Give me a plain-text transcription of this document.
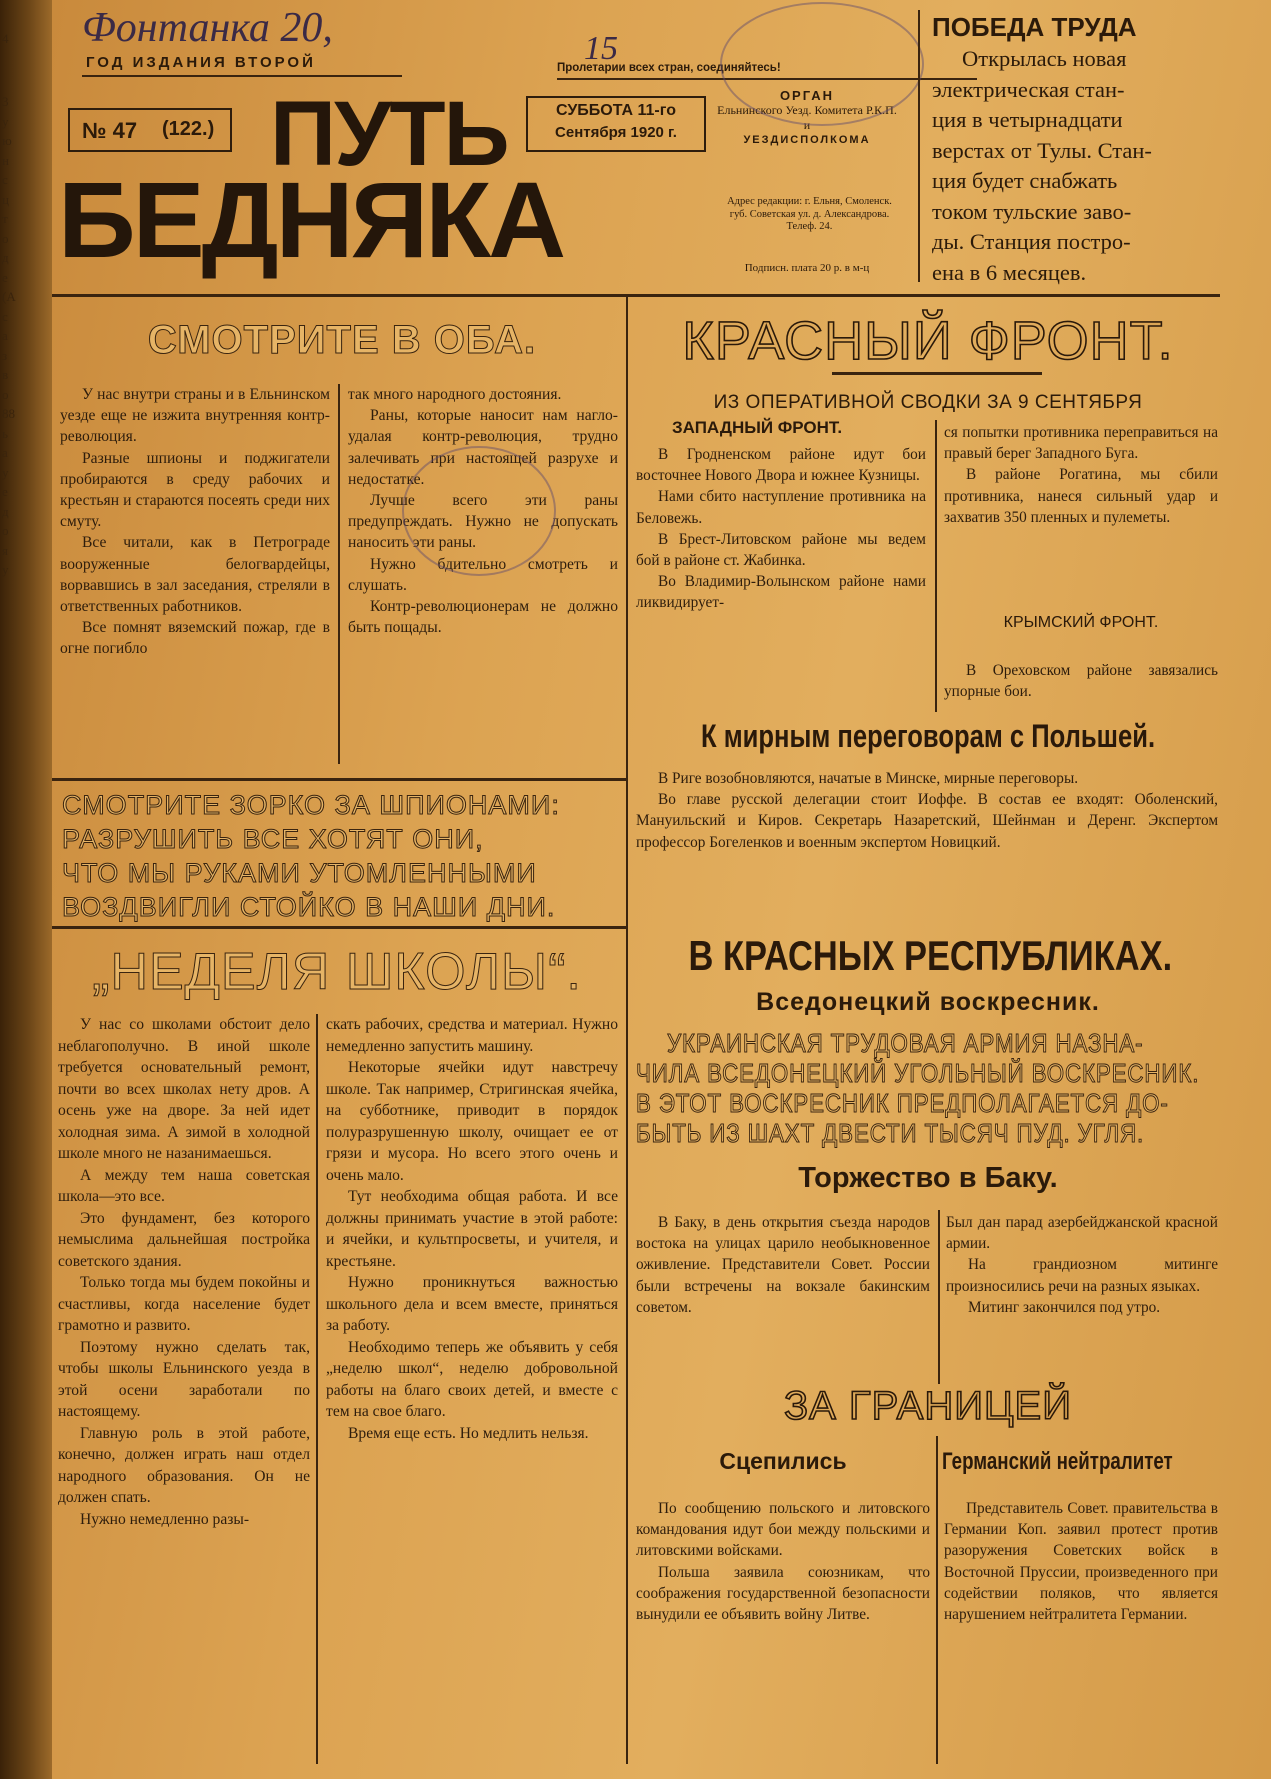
4
3
у
ю
н
с
ц
т
о
д
е
(А
с
а
з
в
о
88
ь
а
у
е
д
о
я
у
Фонтанка 20,
ГОД ИЗДАНИЯ ВТОРОЙ	15
Пролетарии всех стран, соединяйтесь!
№ 47 (122.) ПУТЬ
БЕДНЯКА
СУББОТА 11-го
Сентября 1920 г.
ОРГАН
Ельнинского Уезд. Комитета Р.К.П.
и
УЕЗДИСПОЛКОМА
Адрес редакции: г. Ельня, Смоленск. губ. Советская ул. д. Александрова. Телеф. 24.
Подписн. плата 20 р. в м-ц
ПОБЕДА ТРУДА
Открылась новая
электрическая стан-
ция в четырнадцати
верстах от Тулы. Стан-
ция будет снабжать
током тульские заво-
ды. Станция постро-
ена в 6 месяцев.
СМОТРИТЕ В ОБА.

У нас внутри страны и в Ельнинском уезде еще не изжита внутренняя контр-революция.

Разные шпионы и поджигатели пробираются в среду рабочих и крестьян и стараются посеять среди них смуту.

Все читали, как в Петрограде вооруженные белогвардейцы, ворвавшись в зал заседания, стреляли в ответственных работников.

Все помнят вяземский пожар, где в огне погибло

так много народного достояния.

Раны, которые наносит нам нагло-удалая контр-революция, трудно залечивать при настоящей разрухе и недостатке.

Лучше всего эти раны предупреждать. Нужно не допускать наносить эти раны.

Нужно бдительно смотреть и слушать.

Контр-революционерам не должно быть пощады.

СМОТРИТЕ ЗОРКО ЗА ШПИОНАМИ:
РАЗРУШИТЬ ВСЕ ХОТЯТ ОНИ,
ЧТО МЫ РУКАМИ УТОМЛЕННЫМИ
ВОЗДВИГЛИ СТОЙКО В НАШИ ДНИ.
„НЕДЕЛЯ ШКОЛЫ“.

У нас со школами обстоит дело неблагополучно. В иной школе требуется основательный ремонт, почти во всех школах нету дров. А осень уже на дворе. За ней идет холодная зима. А зимой в холодной школе много не назанимаешься.

А между тем наша советская школа—это все.

Это фундамент, без которого немыслима дальнейшая постройка советского здания.

Только тогда мы будем покойны и счастливы, когда население будет грамотно и развито.

Поэтому нужно сделать так, чтобы школы Ельнинского уезда в этой осени заработали по настоящему.

Главную роль в этой работе, конечно, должен играть наш отдел народного образования. Он не должен спать.

Нужно немедленно разы-

скать рабочих, средства и материал. Нужно немедленно запустить машину.

Некоторые ячейки идут навстречу школе. Так например, Стригинская ячейка, на субботнике, приводит в порядок полуразрушенную школу, очищает ее от грязи и мусора. Но всего этого очень и очень мало.

Тут необходима общая работа. И все должны принимать участие в этой работе: и ячейки, и культпросветы, и учителя, и крестьяне.

Нужно проникнуться важностью школьного дела и всем вместе, приняться за работу.

Необходимо теперь же объявить у себя „неделю школ“, неделю добровольной работы на благо своих детей, и вместе с тем на свое благо.

Время еще есть. Но медлить нельзя.

КРАСНЫЙ ФРОНТ.
ИЗ ОПЕРАТИВНОЙ СВОДКИ ЗА 9 СЕНТЯБРЯ
ЗАПАДНЫЙ ФРОНТ.

В Гродненском районе идут бои восточнее Нового Двора и южнее Кузницы.

Нами сбито наступление противника на Беловежь.

В Брест-Литовском районе мы ведем бой в районе ст. Жабинка.

Во Владимир-Волынском районе нами ликвидирует-

ся попытки противника переправиться на правый берег Западного Буга.

В районе Рогатина, мы сбили противника, нанеся сильный удар и захватив 350 пленных и пулеметы.

КРЫМСКИЙ ФРОНТ.

В Ореховском районе завязались упорные бои.

К мирным переговорам с Польшей.

В Риге возобновляются, начатые в Минске, мирные переговоры.

Во главе русской делегации стоит Иоффе. В состав ее входят: Оболенский, Мануильский и Киров. Секретарь Назаретский, Шейнман и Деренг. Экспертом профессор Богеленков и военным экспертом Новицкий.

В КРАСНЫХ РЕСПУБЛИКАХ.
Вседонецкий воскресник.
УКРАИНСКАЯ ТРУДОВАЯ АРМИЯ НАЗНА-
ЧИЛА ВСЕДОНЕЦКИЙ УГОЛЬНЫЙ ВОСКРЕСНИК.
В ЭТОТ ВОСКРЕСНИК ПРЕДПОЛАГАЕТСЯ ДО-
БЫТЬ ИЗ ШАХТ ДВЕСТИ ТЫСЯЧ ПУД. УГЛЯ.
Торжество в Баку.

В Баку, в день открытия съезда народов востока на улицах царило необыкновенное оживление. Представители Совет. России были встречены на вокзале бакинским советом.

Был дан парад азербейджанской красной армии.

На грандиозном митинге произносились речи на разных языках.

Митинг закончился под утро.

ЗА ГРАНИЦЕЙ
Сцепились

По сообщению польского и литовского командования идут бои между польскими и литовскими войсками.

Польша заявила союзникам, что соображения государственной безопасности вынудили ее объявить войну Литве.

Германский нейтралитет

Представитель Совет. правительства в Германии Коп. заявил протест против разоружения Советских войск в Восточной Пруссии, произведенного при содействии поляков, что является нарушением нейтралитета Германии.
